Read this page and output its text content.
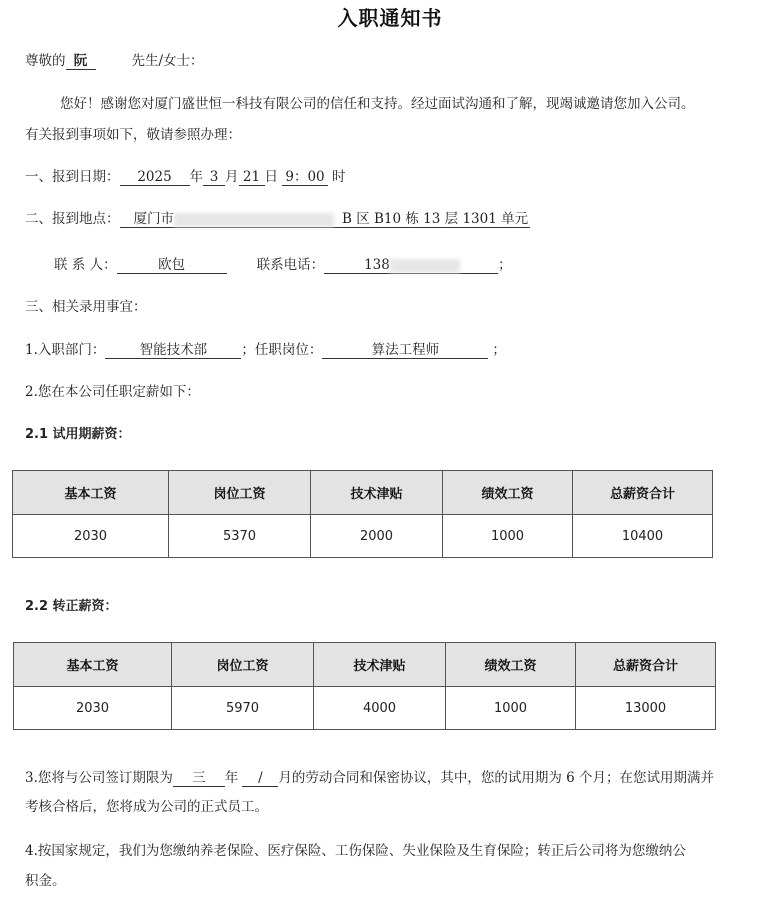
入职通知书
尊敬的 阮	先生/女士：
您好！感谢您对厦门盛世恒一科技有限公司的信任和支持。经过面试沟通和了解，现竭诚邀请您加入公司。
有关报到事项如下，敬请参照办理：
一、报到日期： 2025 年 3 月 21 日 9：00 时
二、报到地点： 厦门市	B 区 B10 栋 13 层 1301 单元
联 系 人：	欧包	联系电话：	138	；
三、相关录用事宜：
1.入职部门：	智能技术部	；任职岗位：	算法工程师	；
2.您在本公司任职定薪如下：
2.1 试用期薪资：
基本工资	岗位工资	技术津贴	绩效工资	总薪资合计
2030	5370	2000	1000	10400
2.2 转正薪资：
基本工资	岗位工资	技术津贴	绩效工资	总薪资合计
2030	5970	4000	1000	13000
3.您将与公司签订期限为 三 年 / 月的劳动合同和保密协议，其中，您的试用期为 6 个月；在您试用期满并
考核合格后，您将成为公司的正式员工。
4.按国家规定，我们为您缴纳养老保险、医疗保险、工伤保险、失业保险及生育保险；转正后公司将为您缴纳公
积金。
